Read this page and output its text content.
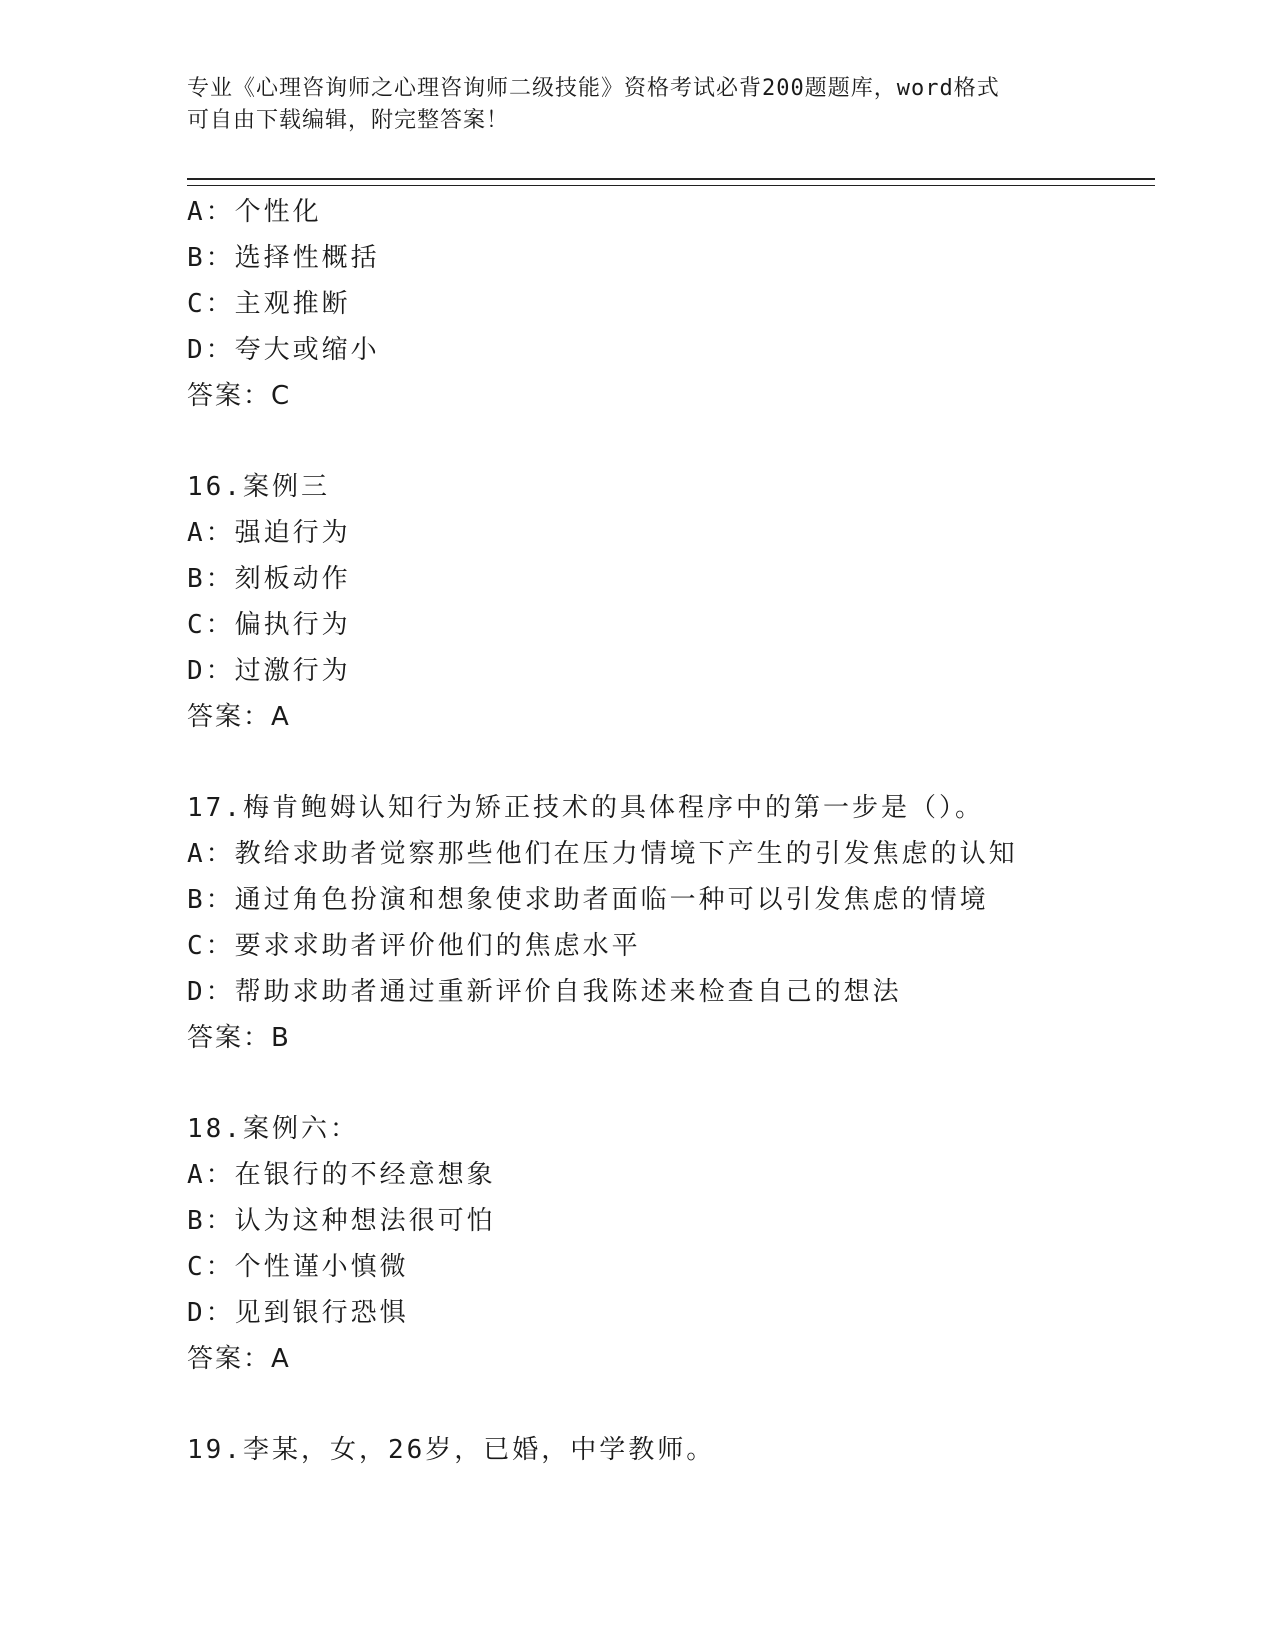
专业《心理咨询师之心理咨询师二级技能》资格考试必背200题题库，word格式
可自由下载编辑，附完整答案！
A：个性化
B：选择性概括
C：主观推断
D：夸大或缩小
答案：C
16.案例三
A：强迫行为
B：刻板动作
C：偏执行为
D：过激行为
答案：A
17.梅肯鲍姆认知行为矫正技术的具体程序中的第一步是（）。
A：教给求助者觉察那些他们在压力情境下产生的引发焦虑的认知
B：通过角色扮演和想象使求助者面临一种可以引发焦虑的情境
C：要求求助者评价他们的焦虑水平
D：帮助求助者通过重新评价自我陈述来检查自己的想法
答案：B
18.案例六：
A：在银行的不经意想象
B：认为这种想法很可怕
C：个性谨小慎微
D：见到银行恐惧
答案：A
19.李某，女，26岁，已婚，中学教师。
